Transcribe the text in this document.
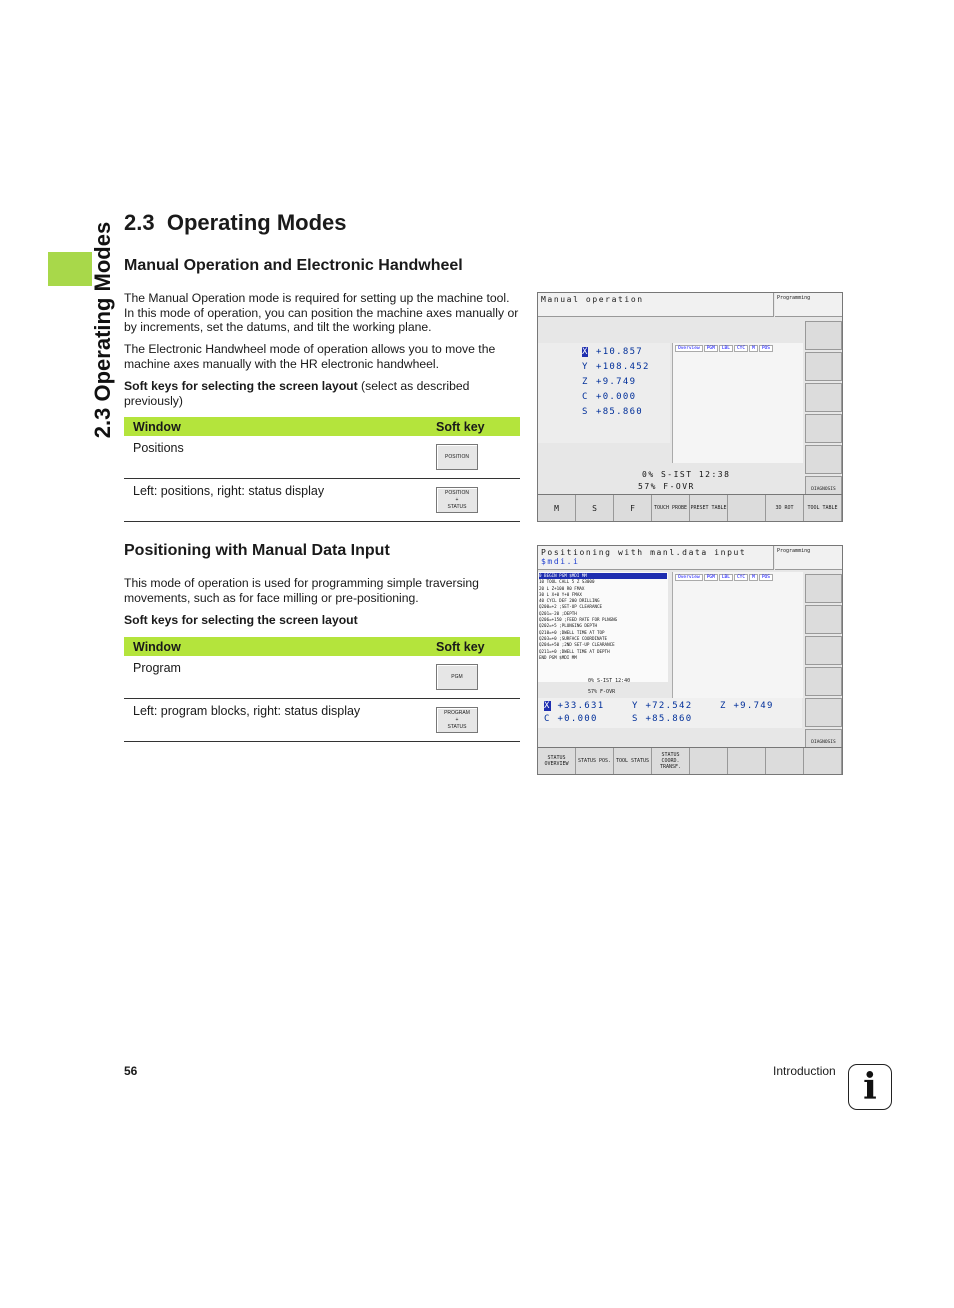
2.3 Operating Modes 2.3 Operating Modes
Manual Operation and Electronic Handwheel
The Manual Operation mode is required for setting up the machine tool. In this mode of operation, you can position the machine axes manually or by increments, set the datums, and tilt the working plane.
The Electronic Handwheel mode of operation allows you to move the machine axes manually with the HR electronic handwheel.
Soft keys for selecting the screen layout (select as described previously)
Window	Soft key
Positions	POSITION

Left: positions, right: status display	POSITION
+
STATUS
Manual operation	Programming
X +10.857
Y +108.452
Z +9.749
C +0.000
S +85.860
Overview	PGM	LBL	CYC	M	POS
0% S-IST 12:38
57% F-OVR	DIAGNOSIS
M	S	F	TOUCH PROBE PRESET TABLE	3D ROT	TOOL TABLE
Positioning with Manual Data Input
This mode of operation is used for programming simple traversing movements, such as for face milling or pre-positioning.
Soft keys for selecting the screen layout
Window	Soft key
Program	PGM

Left: program blocks, right: status display	PROGRAM
+
STATUS
Positioning with manl.data input
$mdi.i
Programming
0 BEGIN PGM $MDI MM
10 TOOL CALL 5 Z S3000
20 L Z+100 R0 FMAX
30 L X+0 Y+0 FMAX
40 CYCL DEF 200 DRILLING
Q200=+2 ;SET-UP CLEARANCE
Q201=-20 ;DEPTH
Q206=+150 ;FEED RATE FOR PLNGNG
Q202=+5 ;PLUNGING DEPTH
Q210=+0 ;DWELL TIME AT TOP
Q203=+0 ;SURFACE COORDINATE
Q204=+50 ;2ND SET-UP CLEARANCE
Q211=+0 ;DWELL TIME AT DEPTH
END PGM $MDI MM
Overview	PGM	LBL	CYC	M	POS
0% S-IST 12:40
57% F-OVR
X +33.631	Y +72.542	Z +9.749
C +0.000	S +85.860
DIAGNOSIS
STATUS OVERVIEW	STATUS POS. TOOL STATUS
STATUS COORD. TRANSF.
56	Introduction i
